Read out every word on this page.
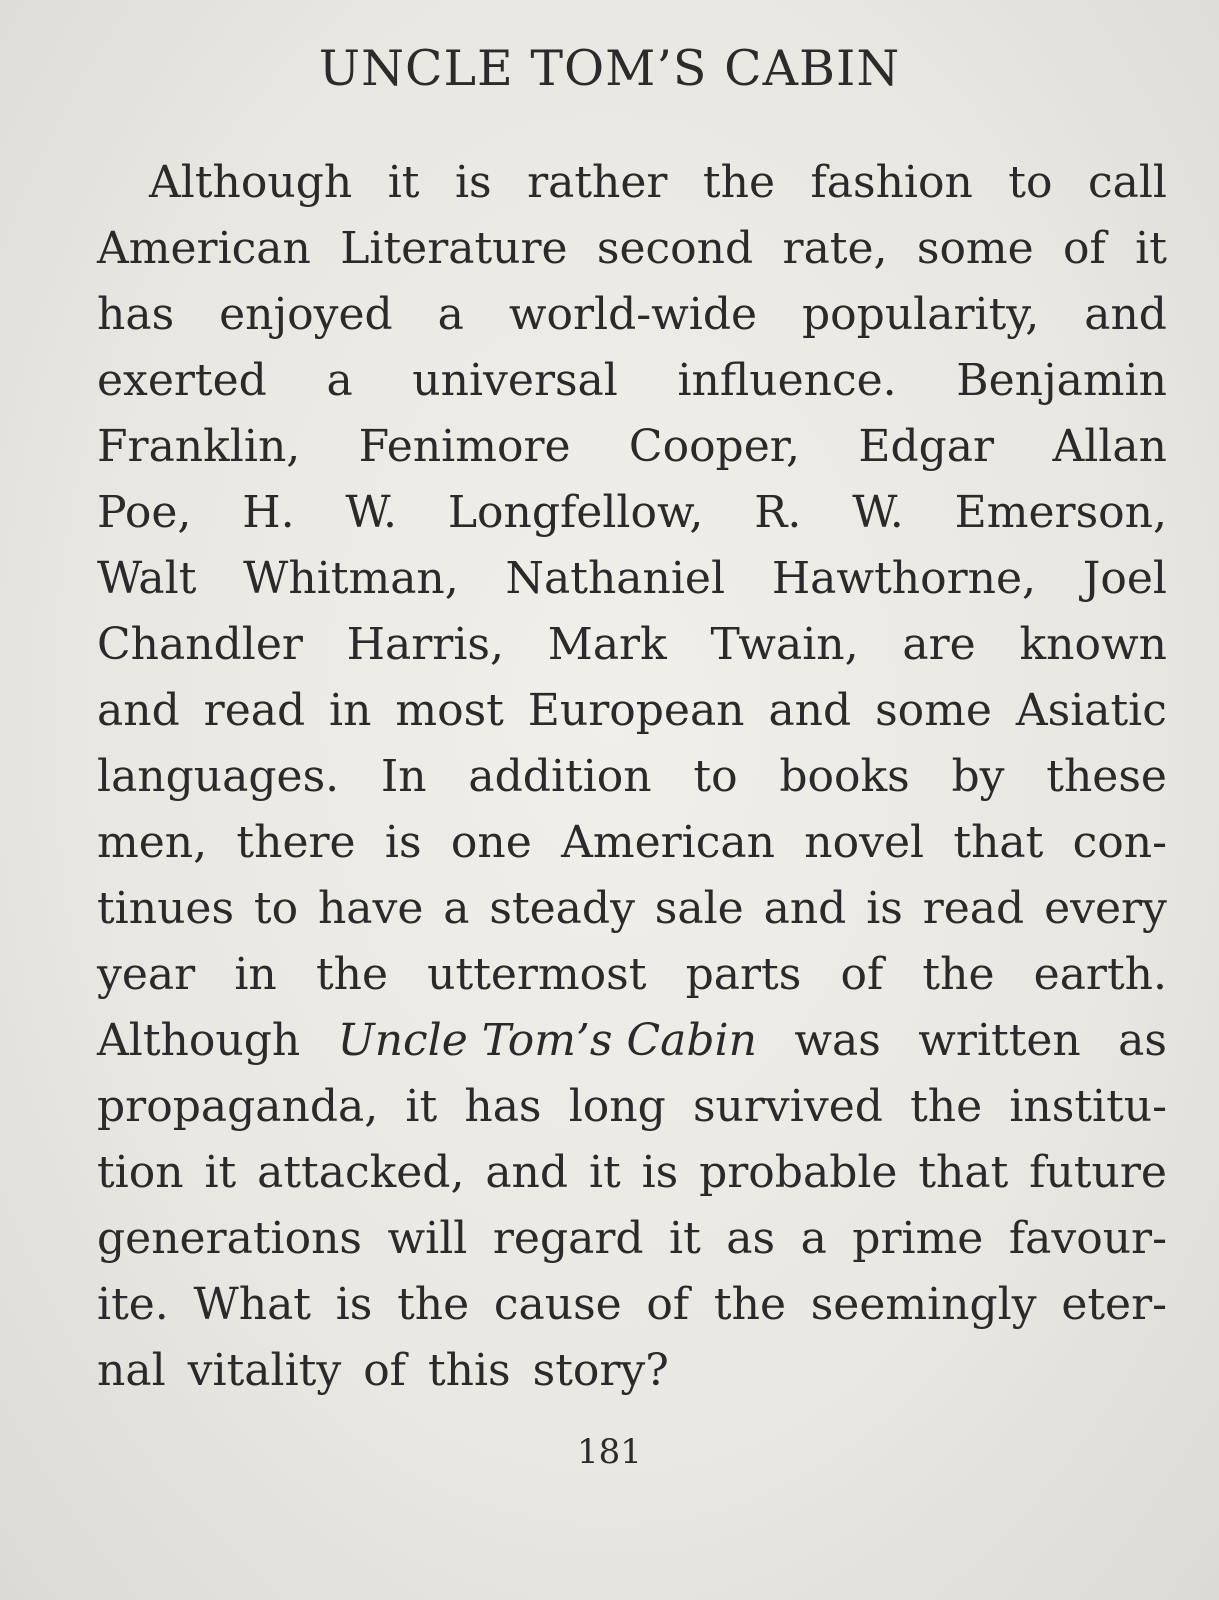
UNCLE TOM’S CABIN
Although it is rather the fashion to call
American Literature second rate, some of it
has enjoyed a world-wide popularity, and
exerted a universal influence. Benjamin
Franklin, Fenimore Cooper, Edgar Allan
Poe, H. W. Longfellow, R. W. Emerson,
Walt Whitman, Nathaniel Hawthorne, Joel
Chandler Harris, Mark Twain, are known
and read in most European and some Asiatic
languages. In addition to books by these
men, there is one American novel that con-
tinues to have a steady sale and is read every
year in the uttermost parts of the earth.
Although Uncle Tom’s Cabin was written as
propaganda, it has long survived the institu-
tion it attacked, and it is probable that future
generations will regard it as a prime favour-
ite. What is the cause of the seemingly eter-
nal vitality of this story?
181
